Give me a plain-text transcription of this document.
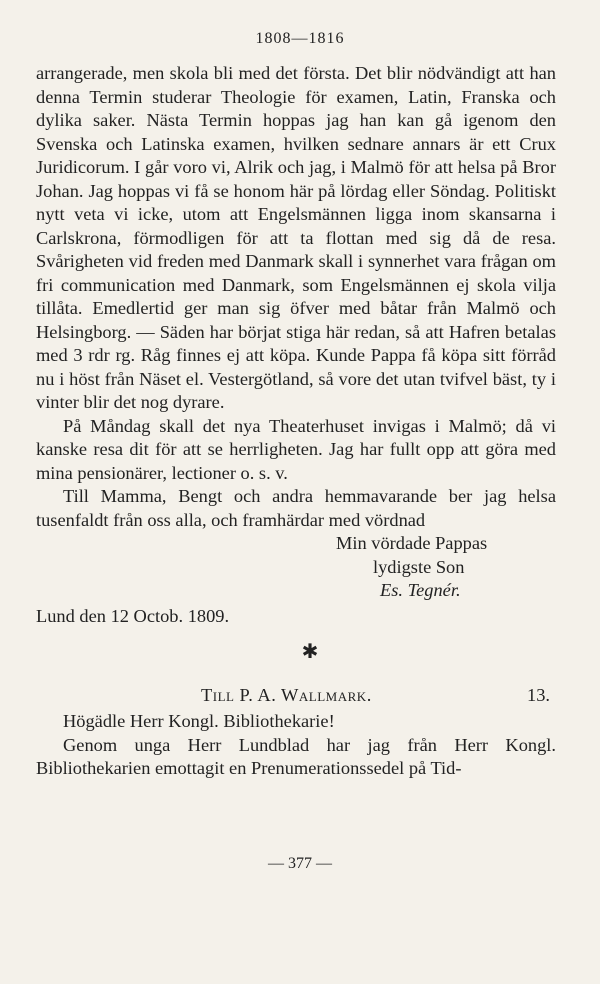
1808—1816

arrangerade, men skola bli med det första. Det blir nödvändigt att han denna Termin studerar Theologie för examen, Latin, Franska och dylika saker. Nästa Termin hoppas jag han kan gå igenom den Svenska och Latinska examen, hvilken sednare annars är ett Crux Juridicorum. I går voro vi, Alrik och jag, i Malmö för att helsa på Bror Johan. Jag hoppas vi få se honom här på lördag eller Söndag. Politiskt nytt veta vi icke, utom att Engelsmännen ligga inom skansarna i Carlskrona, förmodligen för att ta flottan med sig då de resa. Svårigheten vid freden med Danmark skall i synnerhet vara frågan om fri communication med Danmark, som Engelsmännen ej skola vilja tillåta. Emedlertid ger man sig öfver med båtar från Malmö och Helsingborg. — Säden har börjat stiga här redan, så att Hafren betalas med 3 rdr rg. Råg finnes ej att köpa. Kunde Pappa få köpa sitt förråd nu i höst från Näset el. Vestergötland, så vore det utan tvifvel bäst, ty i vinter blir det nog dyrare.

På Måndag skall det nya Theaterhuset invigas i Malmö; då vi kanske resa dit för att se herrligheten. Jag har fullt opp att göra med mina pensionärer, lectioner o. s. v.

Till Mamma, Bengt och andra hemmavarande ber jag helsa tusenfaldt från oss alla, och framhärdar med vördnad

Min vördade Pappas
lydigste Son
Es. Tegnér.
Lund den 12 Octob. 1809.
✱
Till P. A. Wallmark.	13.

Högädle Herr Kongl. Bibliothekarie!

Genom unga Herr Lundblad har jag från Herr Kongl. Bibliothekarien emottagit en Prenumerationssedel på Tid-

— 377 —
